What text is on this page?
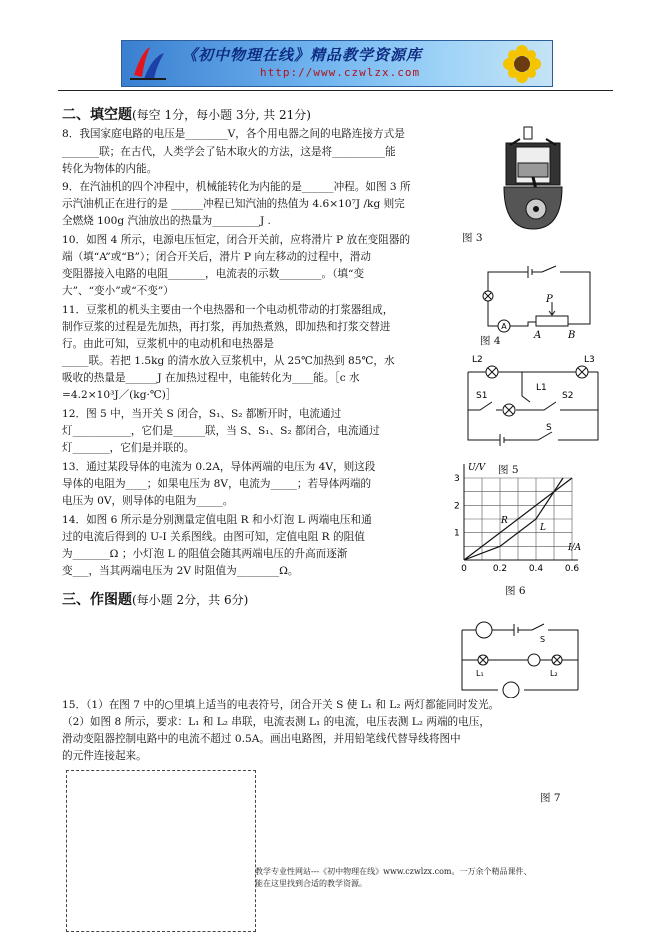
《初中物理在线》精品教学资源库
http://www.czwlzx.com
二、填空题(每空 1分，每小题 3分, 共 21分)
8．我国家庭电路的电压是________V，各个用电器之间的电路连接方式是
_______联；在古代，人类学会了钻木取火的方法，这是将__________能
转化为物体的内能。
9．在汽油机的四个冲程中，机械能转化为内能的是______冲程。如图 3 所
示汽油机正在进行的是 ______冲程已知汽油的热值为 4.6×10⁷J /kg 则完
全燃烧 100g 汽油放出的热量为_________J .
10．如图 4 所示，电源电压恒定，闭合开关前，应将滑片 P 放在变阻器的
端（填“A”或“B”）；闭合开关后，滑片 P 向左移动的过程中，滑动
变阻器接入电路的电阻_______，电流表的示数________。（填“变
大”、“变小”或“不变”）
11．豆浆机的机头主要由一个电热器和一个电动机带动的打浆器组成，
制作豆浆的过程是先加热，再打浆，再加热煮熟，即加热和打浆交替进
行。由此可知，豆浆机中的电动机和电热器是
_____联。若把 1.5kg 的清水放入豆浆机中，从 25℃加热到 85℃，水
吸收的热量是______J 在加热过程中，电能转化为____能。［c 水
=4.2×10³J／(kg·℃)］
12．图 5 中，当开关 S 闭合，S₁、S₂ 都断开时，电流通过
灯___________，它们是______联，当 S、S₁、S₂ 都闭合，电流通过
灯_______，它们是并联的。
13．通过某段导体的电流为 0.2A，导体两端的电压为 4V，则这段
导体的电阻为____；如果电压为 8V，电流为_____；若导体两端的
电压为 0V，则导体的电阻为_____。
14．如图 6 所示是分别测量定值电阻 R 和小灯泡 L 两端电压和通
过的电流后得到的 U-I 关系图线。由图可知，定值电阻 R 的阻值
为_______Ω ；小灯泡 L 的阻值会随其两端电压的升高而逐渐
变___，当其两端电压为 2V 时阻值为________Ω。
三、作图题(每小题 2分，共 6分)
15．（1）在图 7 中的○里填上适当的电表符号，闭合开关 S 使 L₁ 和 L₂ 两灯都能同时发光。
（2）如图 8 所示，要求：L₁ 和 L₂ 串联，电流表测 L₁ 的电流，电压表测 L₂ 两端的电压，
滑动变阻器控制电路中的电流不超过 0.5A。画出电路图，并用铅笔线代替导线将图中
的元件连接起来。
图 3
A
P
A	B
图 4
L2	L3
L1
S1	S2
S
U/V
I/A
0	0.2 0.4 0.6
1
2
3
R
L
图 5
图 6
S
L₁	L₂
图 7
教学专业性网站---《初中物理在线》www.czwlzx.com。一万余个精品课件、
能在这里找到合适的教学资源。
